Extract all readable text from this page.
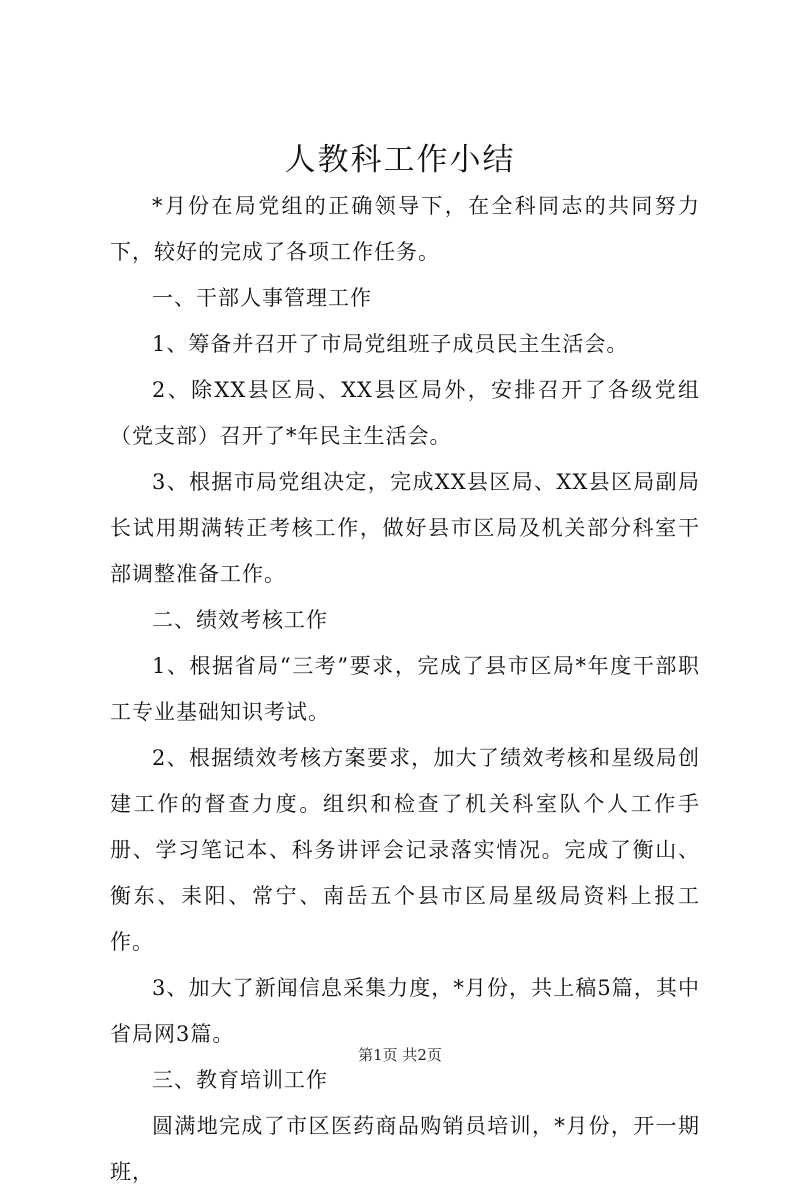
人教科工作小结

*月份在局党组的正确领导下，在全科同志的共同努力下，较好的完成了各项工作任务。

一、干部人事管理工作

1、筹备并召开了市局党组班子成员民主生活会。

2、除XX县区局、XX县区局外，安排召开了各级党组（党支部）召开了*年民主生活会。

3、根据市局党组决定，完成XX县区局、XX县区局副局长试用期满转正考核工作，做好县市区局及机关部分科室干部调整准备工作。

二、绩效考核工作

1、根据省局“三考”要求，完成了县市区局*年度干部职工专业基础知识考试。

2、根据绩效考核方案要求，加大了绩效考核和星级局创建工作的督查力度。组织和检查了机关科室队个人工作手册、学习笔记本、科务讲评会记录落实情况。完成了衡山、衡东、耒阳、常宁、南岳五个县市区局星级局资料上报工作。

3、加大了新闻信息采集力度，*月份，共上稿5篇，其中省局网3篇。

三、教育培训工作

圆满地完成了市区医药商品购销员培训，*月份，开一期班，

第1页 共2页
